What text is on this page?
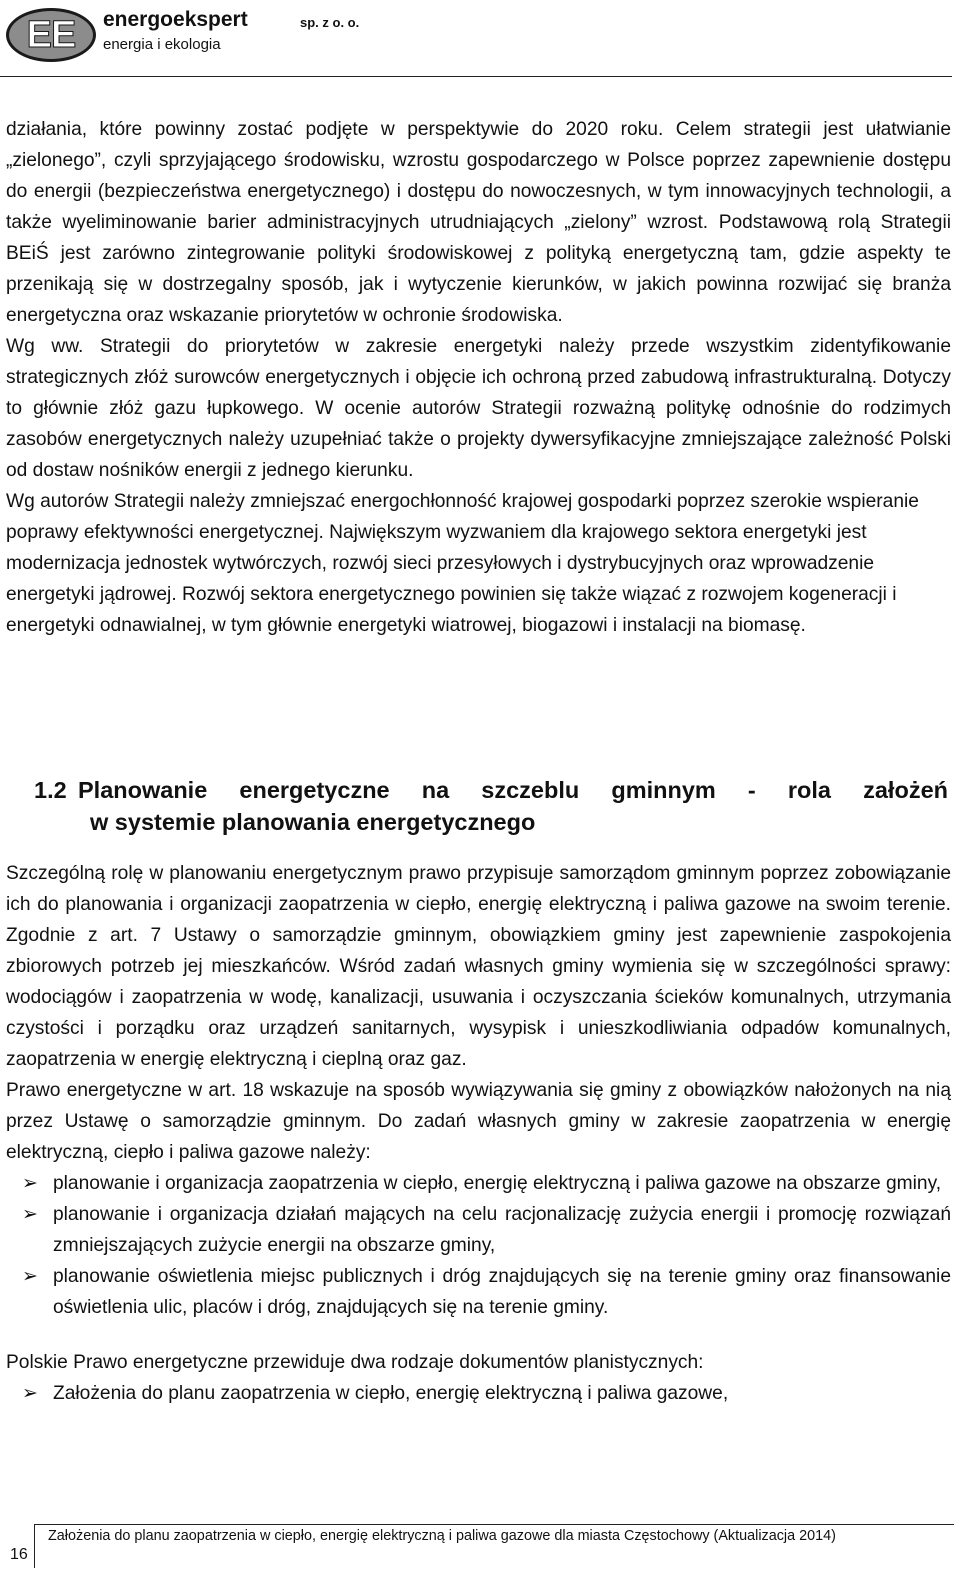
EE energoekspert	sp. z o. o.
energia i ekologia

działania, które powinny zostać podjęte w perspektywie do 2020 roku. Celem strategii jest ułatwianie „zielonego”, czyli sprzyjającego środowisku, wzrostu gospodarczego w Polsce poprzez zapewnienie dostępu do energii (bezpieczeństwa energetycznego) i dostępu do nowoczesnych, w tym innowacyjnych technologii, a także wyeliminowanie barier administracyjnych utrudniających „zielony” wzrost. Podstawową rolą Strategii BEiŚ jest zarówno zintegrowanie polityki środowiskowej z polityką energetyczną tam, gdzie aspekty te przenikają się w dostrzegalny sposób, jak i wytyczenie kierunków, w jakich powinna rozwijać się branża energetyczna oraz wskazanie priorytetów w ochronie środowiska.

Wg ww. Strategii do priorytetów w zakresie energetyki należy przede wszystkim zidentyfikowanie strategicznych złóż surowców energetycznych i objęcie ich ochroną przed zabudową infrastrukturalną. Dotyczy to głównie złóż gazu łupkowego. W ocenie autorów Strategii rozważną politykę odnośnie do rodzimych zasobów energetycznych należy uzupełniać także o projekty dywersyfikacyjne zmniejszające zależność Polski od dostaw nośników energii z jednego kierunku.

Wg autorów Strategii należy zmniejszać energochłonność krajowej gospodarki poprzez szerokie wspieranie poprawy efektywności energetycznej. Największym wyzwaniem dla krajowego sektora energetyki jest modernizacja jednostek wytwórczych, rozwój sieci przesyłowych i dystrybucyjnych oraz wprowadzenie energetyki jądrowej. Rozwój sektora energetycznego powinien się także wiązać z rozwojem kogeneracji i energetyki odnawialnej, w tym głównie energetyki wiatrowej, biogazowi i instalacji na biomasę.

1.2 Planowanie energetyczne na szczeblu gminnym - rola założeń
w systemie planowania energetycznego

Szczególną rolę w planowaniu energetycznym prawo przypisuje samorządom gminnym poprzez zobowiązanie ich do planowania i organizacji zaopatrzenia w ciepło, energię elektryczną i paliwa gazowe na swoim terenie. Zgodnie z art. 7 Ustawy o samorządzie gminnym, obowiązkiem gminy jest zapewnienie zaspokojenia zbiorowych potrzeb jej mieszkańców. Wśród zadań własnych gminy wymienia się w szczególności sprawy: wodociągów i zaopatrzenia w wodę, kanalizacji, usuwania i oczyszczania ścieków komunalnych, utrzymania czystości i porządku oraz urządzeń sanitarnych, wysypisk i unieszkodliwiania odpadów komunalnych, zaopatrzenia w energię elektryczną i cieplną oraz gaz.

Prawo energetyczne w art. 18 wskazuje na sposób wywiązywania się gminy z obowiązków nałożonych na nią przez Ustawę o samorządzie gminnym. Do zadań własnych gminy w zakresie zaopatrzenia w energię elektryczną, ciepło i paliwa gazowe należy:

➢ planowanie i organizacja zaopatrzenia w ciepło, energię elektryczną i paliwa gazowe na obszarze gminy,
➢ planowanie i organizacja działań mających na celu racjonalizację zużycia energii i promocję rozwiązań zmniejszających zużycie energii na obszarze gminy,
➢ planowanie oświetlenia miejsc publicznych i dróg znajdujących się na terenie gminy oraz finansowanie oświetlenia ulic, placów i dróg, znajdujących się na terenie gminy.

Polskie Prawo energetyczne przewiduje dwa rodzaje dokumentów planistycznych:

➢ Założenia do planu zaopatrzenia w ciepło, energię elektryczną i paliwa gazowe,
16
Założenia do planu zaopatrzenia w ciepło, energię elektryczną i paliwa gazowe dla miasta Częstochowy (Aktualizacja 2014)
